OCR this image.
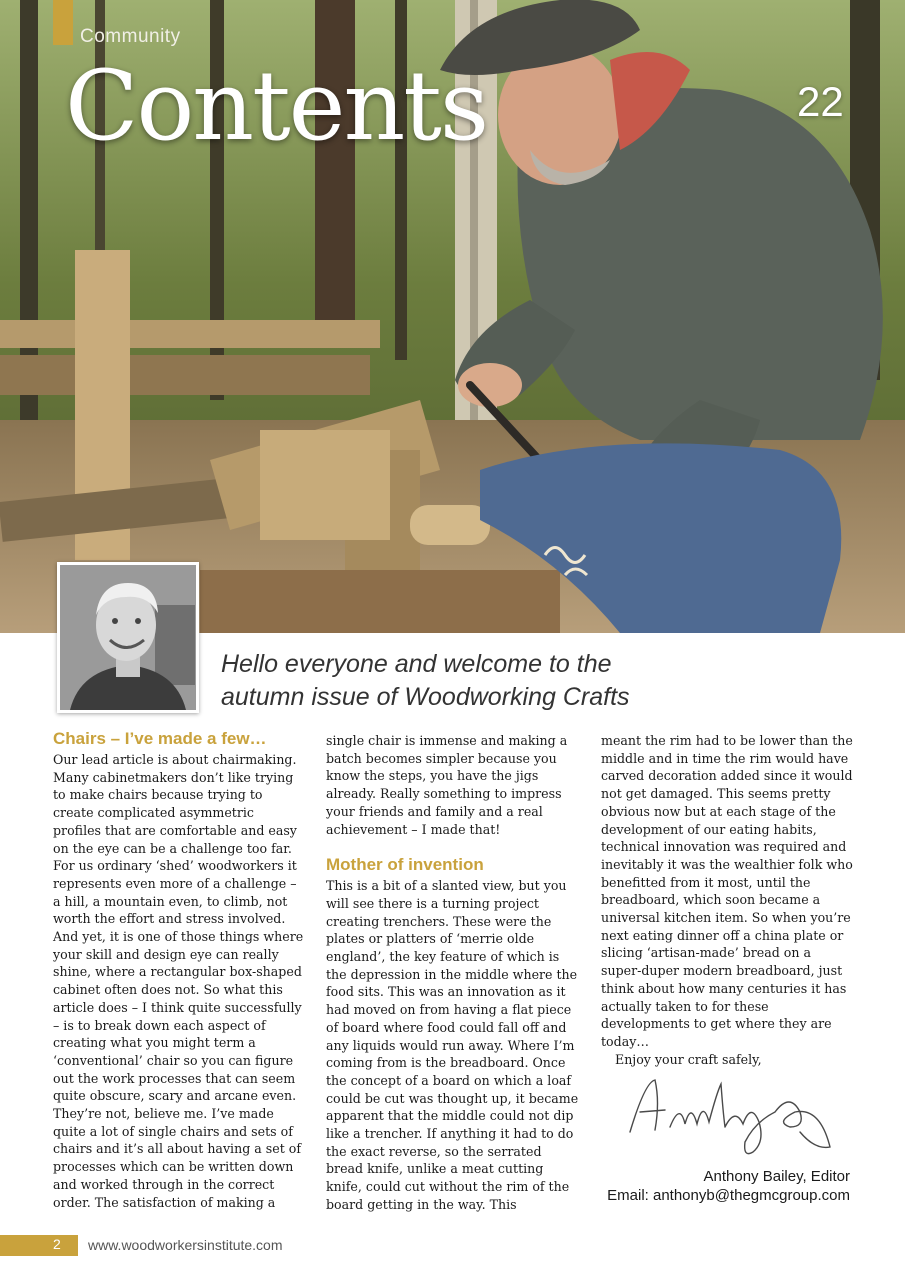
Community
Contents	22
Hello everyone and welcome to the
autumn issue of Woodworking Crafts
Chairs – I’ve made a few…

Our lead article is about chairmaking. Many cabinetmakers don’t like trying to make chairs because trying to create complicated asymmetric profiles that are comfortable and easy on the eye can be a challenge too far. For us ordinary ‘shed’ woodworkers it represents even more of a challenge – a hill, a mountain even, to climb, not worth the effort and stress involved. And yet, it is one of those things where your skill and design eye can really shine, where a rectangular box-shaped cabinet often does not. So what this article does – I think quite successfully – is to break down each aspect of creating what you might term a ‘conventional’ chair so you can figure out the work processes that can seem quite obscure, scary and arcane even. They’re not, believe me. I’ve made quite a lot of single chairs and sets of chairs and it’s all about having a set of processes which can be written down and worked through in the correct order. The satisfaction of making a

single chair is immense and making a batch becomes simpler because you know the steps, you have the jigs already. Really something to impress your friends and family and a real achievement – I made that!

Mother of invention

This is a bit of a slanted view, but you will see there is a turning project creating trenchers. These were the plates or platters of ‘merrie olde england’, the key feature of which is the depression in the middle where the food sits. This was an innovation as it had moved on from having a flat piece of board where food could fall off and any liquids would run away. Where I’m coming from is the breadboard. Once the concept of a board on which a loaf could be cut was thought up, it became apparent that the middle could not dip like a trencher. If anything it had to do the exact reverse, so the serrated bread knife, unlike a meat cutting knife, could cut without the rim of the board getting in the way. This

meant the rim had to be lower than the middle and in time the rim would have carved decoration added since it would not get damaged. This seems pretty obvious now but at each stage of the development of our eating habits, technical innovation was required and inevitably it was the wealthier folk who benefitted from it most, until the breadboard, which soon became a universal kitchen item. So when you’re next eating dinner off a china plate or slicing ‘artisan-made’ bread on a super-duper modern breadboard, just think about how many centuries it has actually taken to for these developments to get where they are today…

Enjoy your craft safely,

Anthony Bailey, Editor
Email: anthonyb@thegmcgroup.com
2 www.woodworkersinstitute.com
